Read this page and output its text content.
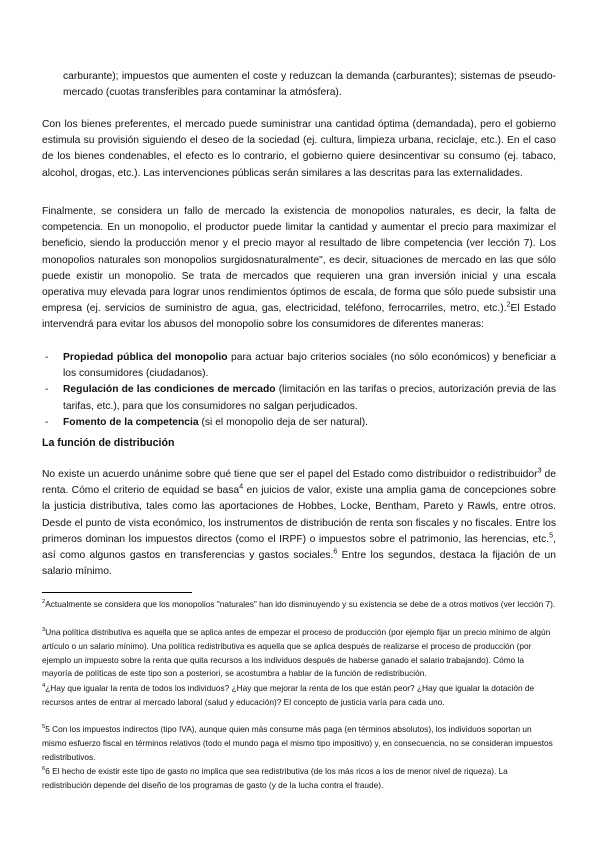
carburante); impuestos que aumenten el coste y reduzcan la demanda (carburantes); sistemas de pseudo-mercado (cuotas transferibles para contaminar la atmósfera).

Con los bienes preferentes, el mercado puede suministrar una cantidad óptima (demandada), pero el gobierno estimula su provisión siguiendo el deseo de la sociedad (ej. cultura, limpieza urbana, reciclaje, etc.). En el caso de los bienes condenables, el efecto es lo contrario, el gobierno quiere desincentivar su consumo (ej. tabaco, alcohol, drogas, etc.). Las intervenciones públicas serán similares a las descritas para las externalidades.

Finalmente, se considera un fallo de mercado la existencia de monopolios naturales, es decir, la falta de competencia. En un monopolio, el productor puede limitar la cantidad y aumentar el precio para maximizar el beneficio, siendo la producción menor y el precio mayor al resultado de libre competencia (ver lección 7). Los monopolios naturales son monopolios surgidosnaturalmente", es decir, situaciones de mercado en las que sólo puede existir un monopolio. Se trata de mercados que requieren una gran inversión inicial y una escala operativa muy elevada para lograr unos rendimientos óptimos de escala, de forma que sólo puede subsistir una empresa (ej. servicios de suministro de agua, gas, electricidad, teléfono, ferrocarriles, metro, etc.).$^2$El Estado intervendrá para evitar los abusos del monopolio sobre los consumidores de diferentes maneras:

- Propiedad pública del monopolio para actuar bajo criterios sociales (no sólo económicos) y beneficiar a los consumidores (ciudadanos).
- Regulación de las condiciones de mercado (limitación en las tarifas o precios, autorización previa de las tarifas, etc.), para que los consumidores no salgan perjudicados.
- Fomento de la competencia (si el monopolio deja de ser natural).
La función de distribución

No existe un acuerdo unánime sobre qué tiene que ser el papel del Estado como distribuidor o redistribuidor$^3$ de renta. Cómo el criterio de equidad se basa$^4$ en juicios de valor, existe una amplia gama de concepciones sobre la justicia distributiva, tales como las aportaciones de Hobbes, Locke, Bentham, Pareto y Rawls, entre otros. Desde el punto de vista económico, los instrumentos de distribución de renta son fiscales y no fiscales. Entre los primeros dominan los impuestos directos (como el IRPF) o impuestos sobre el patrimonio, las herencias, etc.$^5$, así como algunos gastos en transferencias y gastos sociales.$^6$ Entre los segundos, destaca la fijación de un salario mínimo.

$^2$Actualmente se considera que los monopolios "naturales" han ido disminuyendo y su existencia se debe de a otros motivos (ver lección 7).

$^3$Una política distributiva es aquella que se aplica antes de empezar el proceso de producción (por ejemplo fijar un precio mínimo de algún artículo o un salario mínimo). Una política redistributiva es aquella que se aplica después de realizarse el proceso de producción (por ejemplo un impuesto sobre la renta que quita recursos a los individuos después de haberse ganado el salario trabajando). Cómo la mayoría de políticas de este tipo son a posteriori, se acostumbra a hablar de la función de redistribución.

$^4$¿Hay que igualar la renta de todos los individuos? ¿Hay que mejorar la renta de los que están peor? ¿Hay que igualar la dotación de recursos antes de entrar al mercado laboral (salud y educación)? El concepto de justicia varía para cada uno.

$^5$5 Con los impuestos indirectos (tipo IVA), aunque quien más consume más paga (en términos absolutos), los individuos soportan un mismo esfuerzo fiscal en términos relativos (todo el mundo paga el mismo tipo impositivo) y, en consecuencia, no se consideran impuestos redistributivos.

$^6$6 El hecho de existir este tipo de gasto no implica que sea redistributiva (de los más ricos a los de menor nivel de riqueza). La redistribución depende del diseño de los programas de gasto (y de la lucha contra el fraude).
